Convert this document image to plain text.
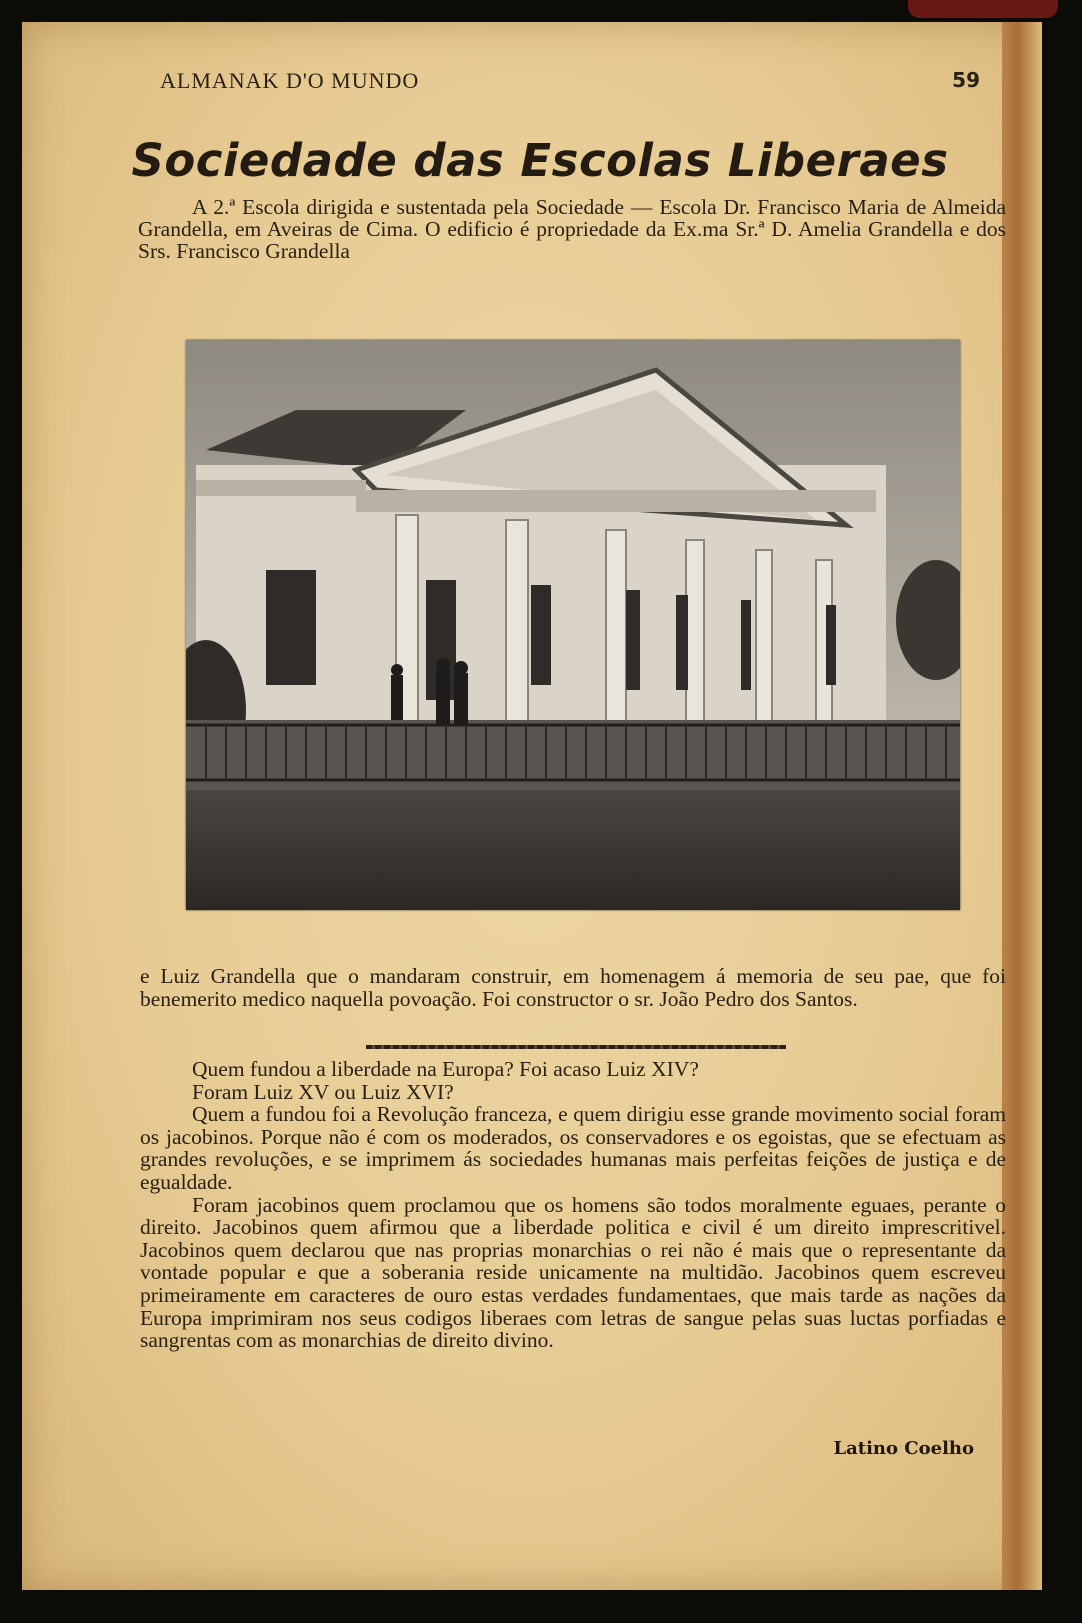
ALMANAK D'O MUNDO	59
Sociedade das Escolas Liberaes

A 2.ª Escola dirigida e sustentada pela Sociedade — Escola Dr. Francisco Maria de Almeida Grandella, em Aveiras de Cima. O edificio é propriedade da Ex.ma Sr.ª D. Amelia Grandella e dos Srs. Francisco Grandella

e Luiz Grandella que o mandaram construir, em homenagem á memoria de seu pae, que foi benemerito medico naquella povoação. Foi constructor o sr. João Pedro dos Santos.

Quem fundou a liberdade na Europa? Foi acaso Luiz XIV?

Foram Luiz XV ou Luiz XVI?

Quem a fundou foi a Revolução franceza, e quem dirigiu esse grande movimento social foram os jacobinos. Porque não é com os moderados, os conservadores e os egoistas, que se efectuam as grandes revoluções, e se imprimem ás sociedades humanas mais perfeitas feições de justiça e de egualdade.

Foram jacobinos quem proclamou que os homens são todos moralmente eguaes, perante o direito. Jacobinos quem afirmou que a liberdade politica e civil é um direito imprescritivel. Jacobinos quem declarou que nas proprias monarchias o rei não é mais que o representante da vontade popular e que a soberania reside unicamente na multidão. Jacobinos quem escreveu primeiramente em caracteres de ouro estas verdades fundamentaes, que mais tarde as nações da Europa imprimiram nos seus codigos liberaes com letras de sangue pelas suas luctas porfiadas e sangrentas com as monarchias de direito divino.

Latino Coelho
